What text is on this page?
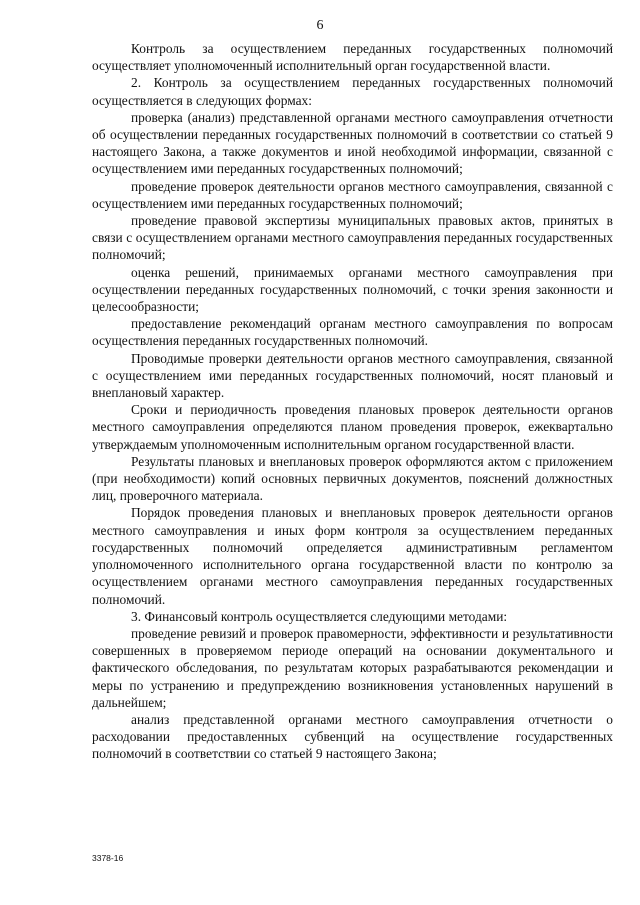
6

Контроль за осуществлением переданных государственных полномочий осуществляет уполномоченный исполнительный орган государственной власти.

2. Контроль за осуществлением переданных государственных полномочий осуществляется в следующих формах:

проверка (анализ) представленной органами местного самоуправления отчетности об осуществлении переданных государственных полномочий в соответствии со статьей 9 настоящего Закона, а также документов и иной необходимой информации, связанной с осуществлением ими переданных государственных полномочий;

проведение проверок деятельности органов местного самоуправления, связанной с осуществлением ими переданных государственных полномочий;

проведение правовой экспертизы муниципальных правовых актов, принятых в связи с осуществлением органами местного самоуправления переданных государственных полномочий;

оценка решений, принимаемых органами местного самоуправления при осуществлении переданных государственных полномочий, с точки зрения законности и целесообразности;

предоставление рекомендаций органам местного самоуправления по вопросам осуществления переданных государственных полномочий.

Проводимые проверки деятельности органов местного самоуправления, связанной с осуществлением ими переданных государственных полномочий, носят плановый и внеплановый характер.

Сроки и периодичность проведения плановых проверок деятельности органов местного самоуправления определяются планом проведения проверок, ежеквартально утверждаемым уполномоченным исполнительным органом государственной власти.

Результаты плановых и внеплановых проверок оформляются актом с приложением (при необходимости) копий основных первичных документов, пояснений должностных лиц, проверочного материала.

Порядок проведения плановых и внеплановых проверок деятельности органов местного самоуправления и иных форм контроля за осуществлением переданных государственных полномочий определяется административным регламентом уполномоченного исполнительного органа государственной власти по контролю за осуществлением органами местного самоуправления переданных государственных полномочий.

3. Финансовый контроль осуществляется следующими методами:

проведение ревизий и проверок правомерности, эффективности и результативности совершенных в проверяемом периоде операций на основании документального и фактического обследования, по результатам которых разрабатываются рекомендации и меры по устранению и предупреждению возникновения установленных нарушений в дальнейшем;

анализ представленной органами местного самоуправления отчетности о расходовании предоставленных субвенций на осуществление государственных полномочий в соответствии со статьей 9 настоящего Закона;

3378-16
